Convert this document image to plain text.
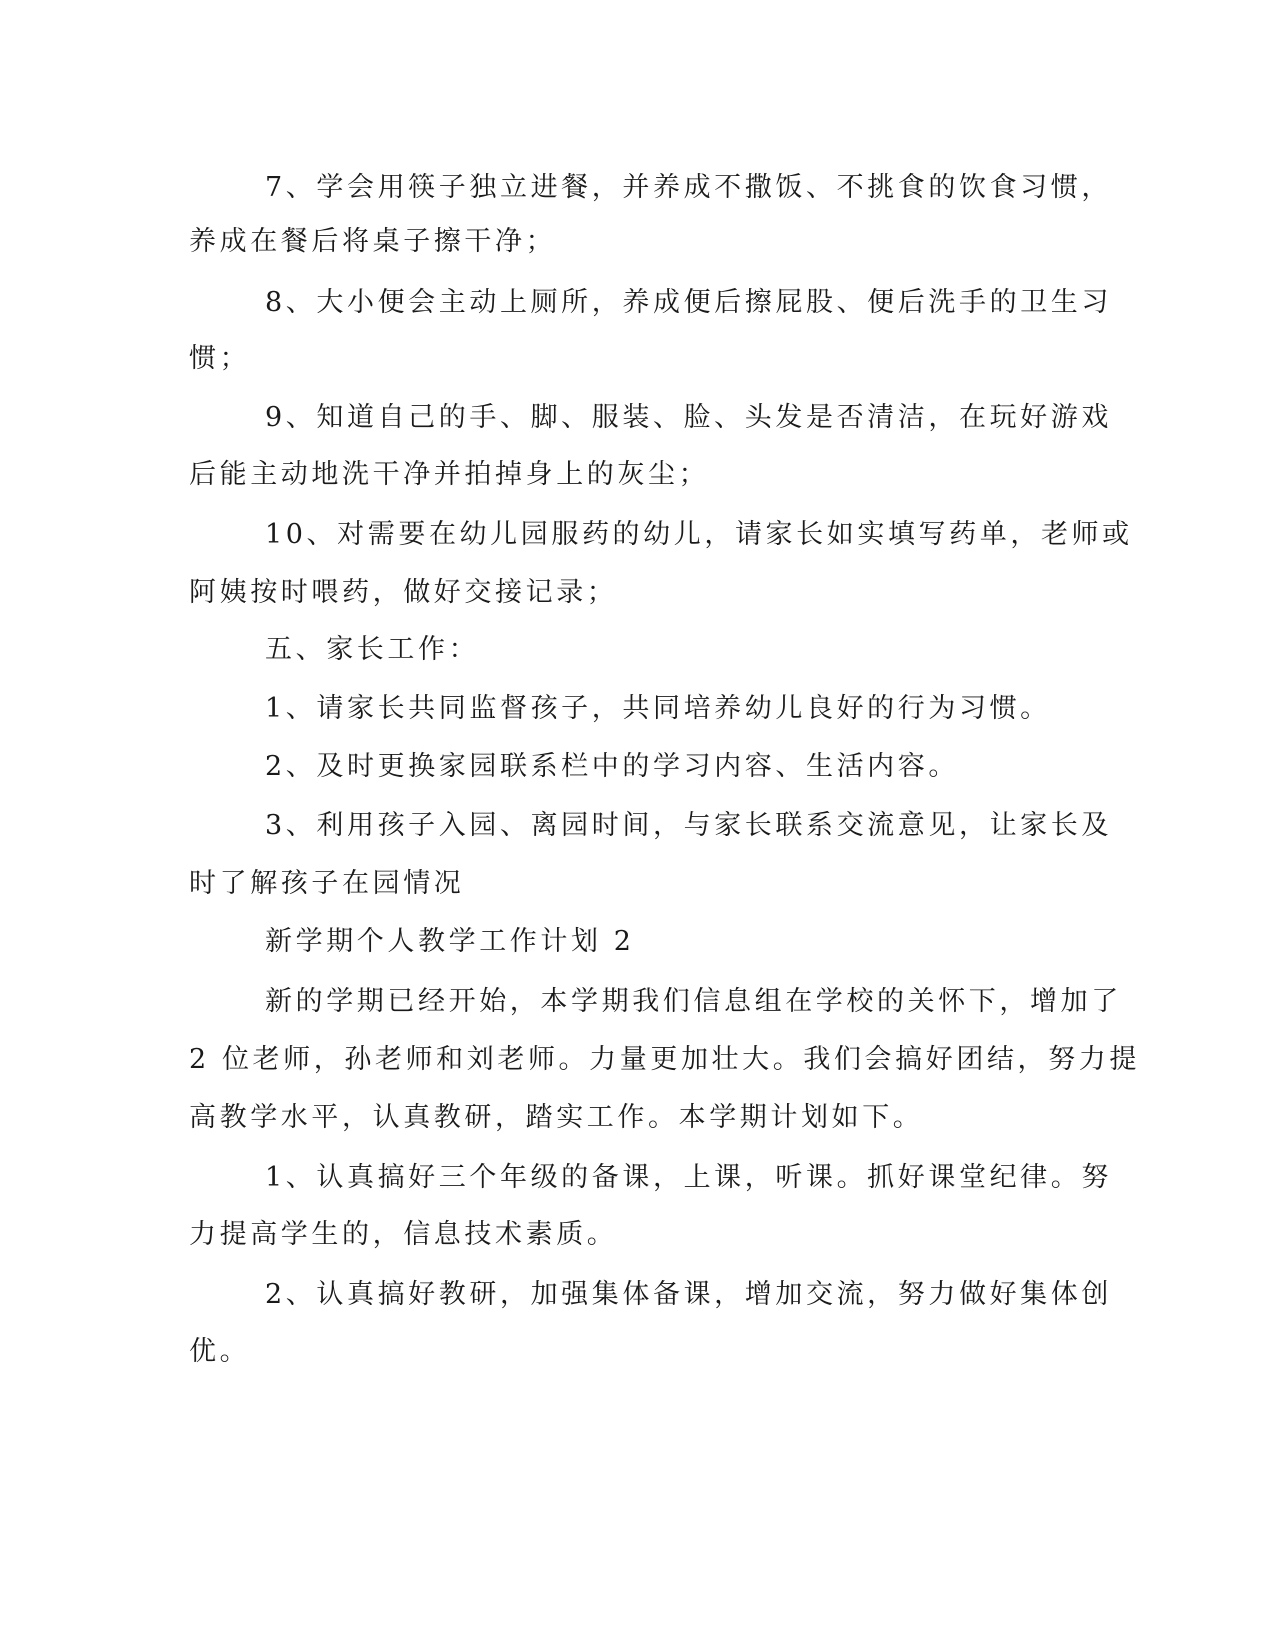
7、学会用筷子独立进餐，并养成不撒饭、不挑食的饮食习惯，
养成在餐后将桌子擦干净；
8、大小便会主动上厕所，养成便后擦屁股、便后洗手的卫生习
惯；
9、知道自己的手、脚、服装、脸、头发是否清洁，在玩好游戏
后能主动地洗干净并拍掉身上的灰尘；
10、对需要在幼儿园服药的幼儿，请家长如实填写药单，老师或
阿姨按时喂药，做好交接记录；
五、家长工作：
1、请家长共同监督孩子，共同培养幼儿良好的行为习惯。
2、及时更换家园联系栏中的学习内容、生活内容。
3、利用孩子入园、离园时间，与家长联系交流意见，让家长及
时了解孩子在园情况
新学期个人教学工作计划 2
新的学期已经开始，本学期我们信息组在学校的关怀下，增加了
2 位老师，孙老师和刘老师。力量更加壮大。我们会搞好团结，努力提
高教学水平，认真教研，踏实工作。本学期计划如下。
1、认真搞好三个年级的备课，上课，听课。抓好课堂纪律。努
力提高学生的，信息技术素质。
2、认真搞好教研，加强集体备课，增加交流，努力做好集体创
优。
